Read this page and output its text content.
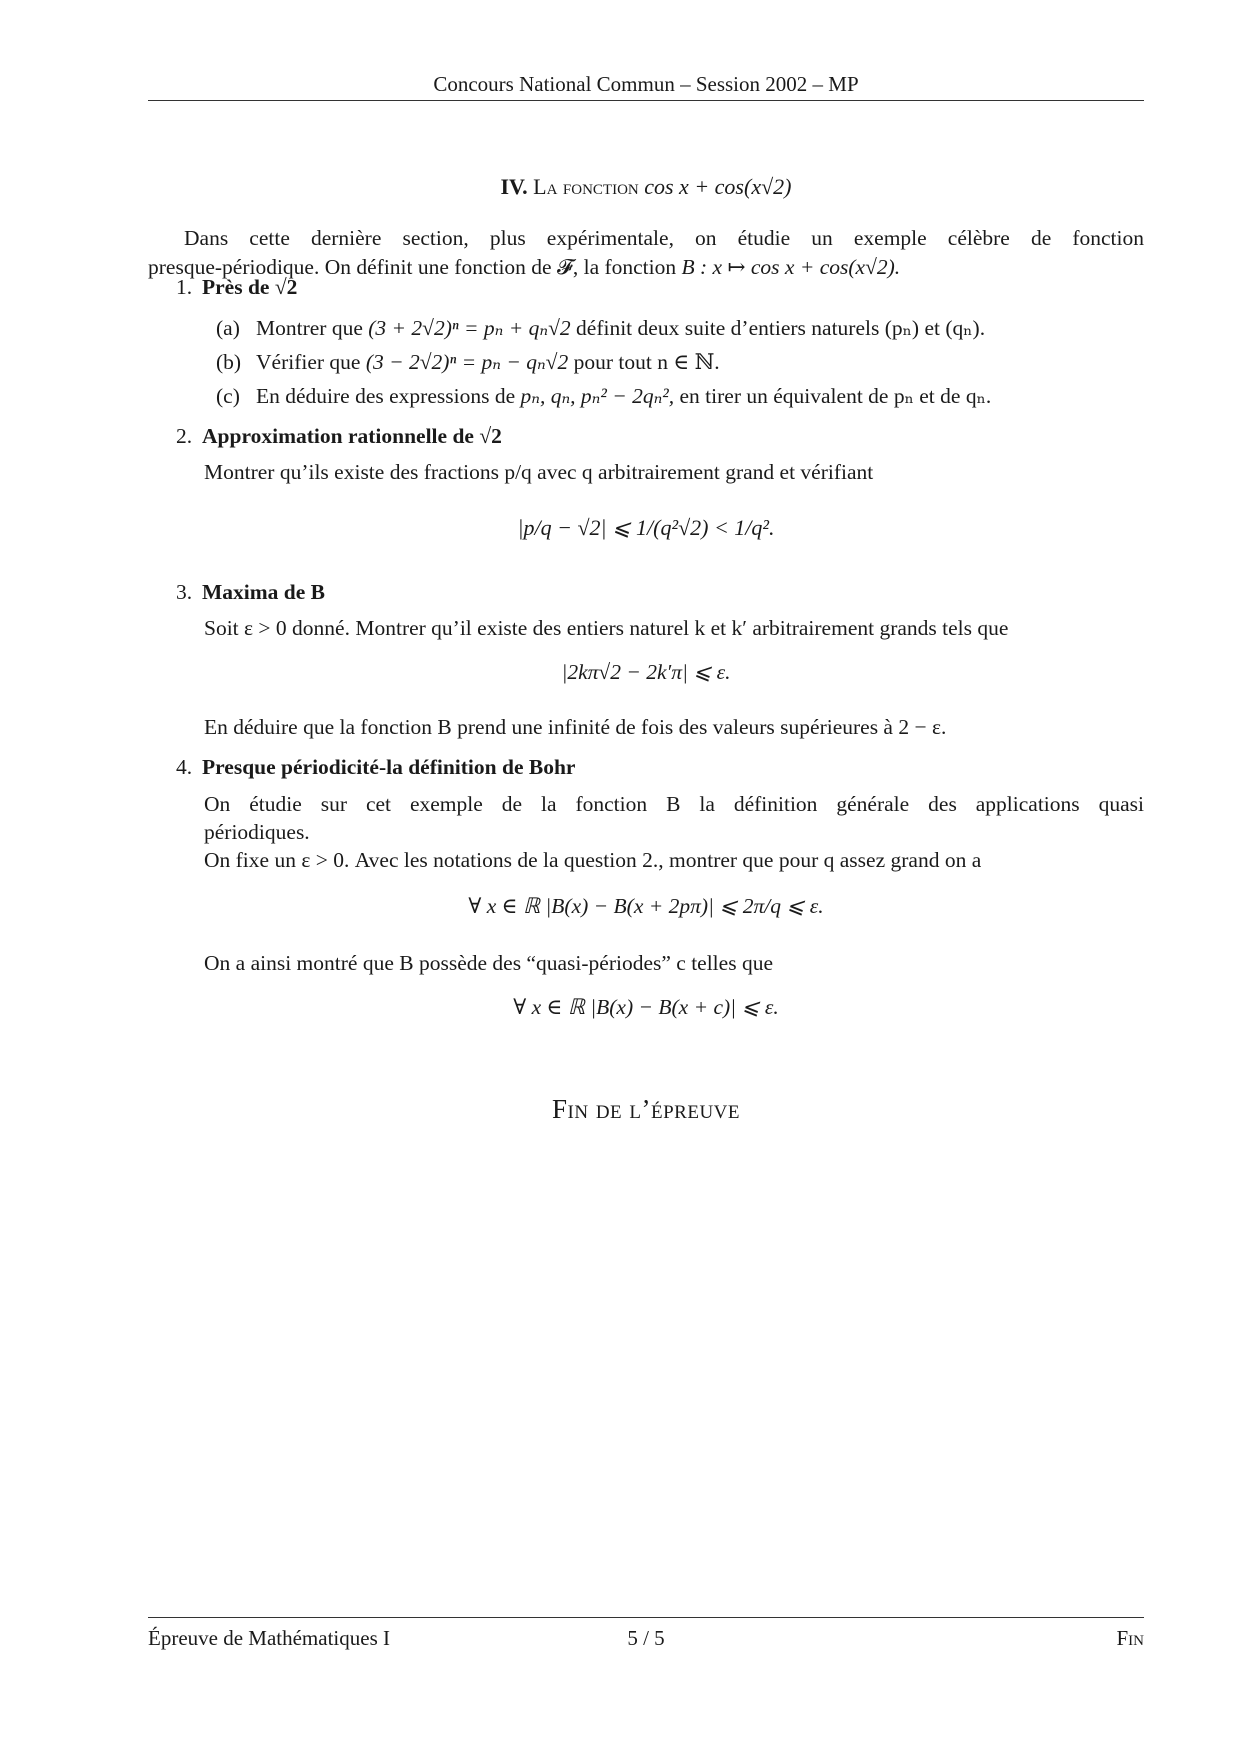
Concours National Commun – Session 2002 – MP
IV. La fonction cos x + cos(x√2)
Dans cette dernière section, plus expérimentale, on étudie un exemple célèbre de fonction
presque-périodique. On définit une fonction de 𝓕, la fonction B : x ↦ cos x + cos(x√2).
1. Près de √2
(a) Montrer que (3 + 2√2)ⁿ = pₙ + qₙ√2 définit deux suite d’entiers naturels (pₙ) et (qₙ).
(b) Vérifier que (3 − 2√2)ⁿ = pₙ − qₙ√2 pour tout n ∈ ℕ.
(c) En déduire des expressions de pₙ, qₙ, pₙ² − 2qₙ², en tirer un équivalent de pₙ et de qₙ.
2. Approximation rationnelle de √2
Montrer qu’ils existe des fractions p/q avec q arbitrairement grand et vérifiant
|p/q − √2| ⩽ 1/(q²√2) < 1/q².
3. Maxima de B
Soit ε > 0 donné. Montrer qu’il existe des entiers naturel k et k′ arbitrairement grands tels que
|2kπ√2 − 2k′π| ⩽ ε.
En déduire que la fonction B prend une infinité de fois des valeurs supérieures à 2 − ε.
4. Presque périodicité-la définition de Bohr
On étudie sur cet exemple de la fonction B la définition générale des applications quasi
périodiques.
On fixe un ε > 0. Avec les notations de la question 2., montrer que pour q assez grand on a
∀ x ∈ ℝ |B(x) − B(x + 2pπ)| ⩽ 2π/q ⩽ ε.
On a ainsi montré que B possède des “quasi-périodes” c telles que
∀ x ∈ ℝ |B(x) − B(x + c)| ⩽ ε.
Fin de l’épreuve
Épreuve de Mathématiques I	5 / 5	Fin
